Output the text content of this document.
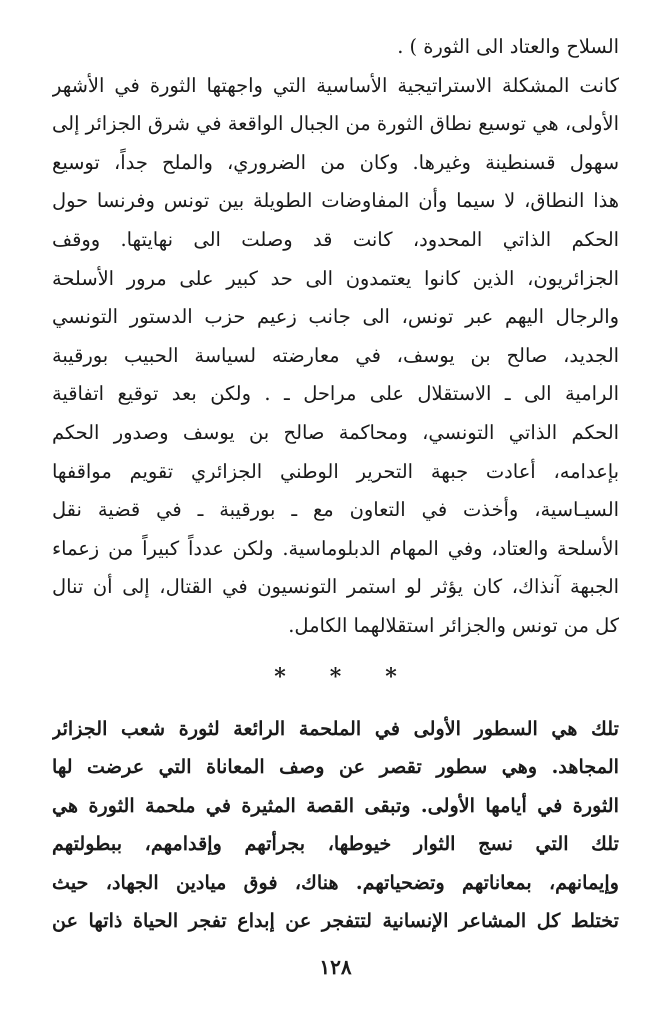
السلاح والعتاد الى الثورة ) .
كانت المشكلة الاستراتيجية الأساسية التي واجهتها الثورة في الأشهر
الأولى، هي توسيع نطاق الثورة من الجبال الواقعة في شرق الجزائر إلى
سهول قسنطينة وغيرها. وكان من الضروري، والملح جداً، توسيع
هذا النطاق، لا سيما وأن المفاوضات الطويلة بين تونس وفرنسا حول
الحكم الذاتي المحدود، كانت قد وصلت الى نهايتها. ووقف
الجزائريون، الذين كانوا يعتمدون الى حد كبير على مرور الأسلحة
والرجال اليهم عبر تونس، الى جانب زعيم حزب الدستور التونسي
الجديد، صالح بن يوسف، في معارضته لسياسة الحبيب بورقيبة
الرامية الى ـ الاستقلال على مراحل ـ . ولكن بعد توقيع اتفاقية
الحكم الذاتي التونسي، ومحاكمة صالح بن يوسف وصدور الحكم
بإعدامه، أعادت جبهة التحرير الوطني الجزائري تقويم مواقفها
السيـاسية، وأخذت في التعاون مع ـ بورقيبة ـ في قضية نقل
الأسلحة والعتاد، وفي المهام الدبلوماسية. ولكن عدداً كبيراً من زعماء
الجبهة آنذاك، كان يؤثر لو استمر التونسيون في القتال، إلى أن تنال
كل من تونس والجزائر استقلالهما الكامل.

* * *

تلك هي السطور الأولى في الملحمة الرائعة لثورة شعب الجزائر
المجاهد. وهي سطور تقصر عن وصف المعاناة التي عرضت لها
الثورة في أيامها الأولى. وتبقى القصة المثيرة في ملحمة الثورة هي
تلك التي نسج الثوار خيوطها، بجرأتهم وإقدامهم، ببطولتهم
وإيمانهم، بمعاناتهم وتضحياتهم. هناك، فوق ميادين الجهاد، حيث
تختلط كل المشاعر الإنسانية لتتفجر عن إبداع تفجر الحياة ذاتها عن

١٢٨
